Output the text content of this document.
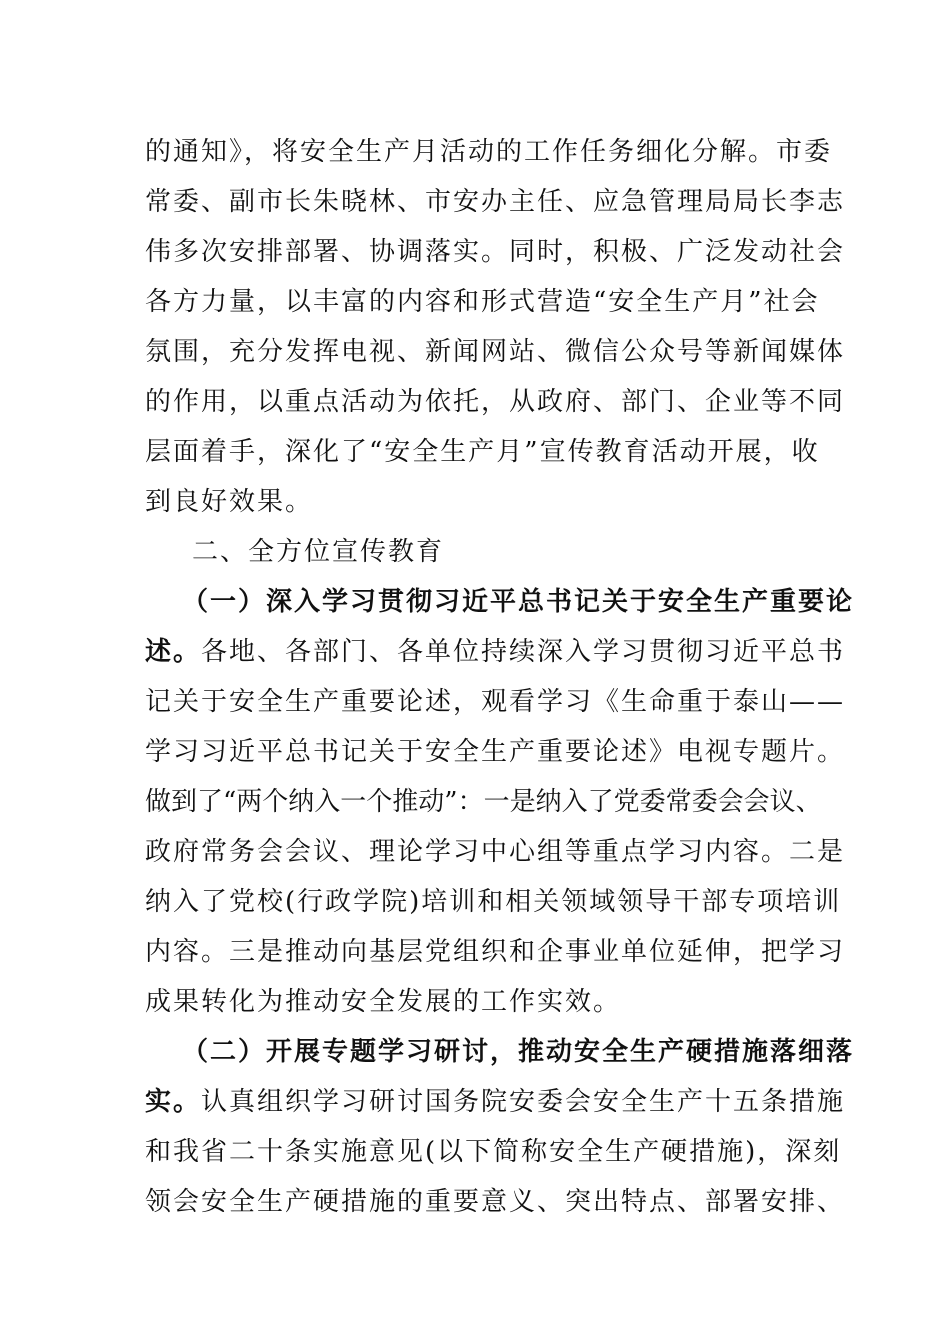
的通知》，将安全生产月活动的工作任务细化分解。市委
常委、副市长朱晓林、市安办主任、应急管理局局长李志
伟多次安排部署、协调落实。同时，积极、广泛发动社会
各方力量，以丰富的内容和形式营造“安全生产月”社会
氛围，充分发挥电视、新闻网站、微信公众号等新闻媒体
的作用，以重点活动为依托，从政府、部门、企业等不同
层面着手，深化了“安全生产月”宣传教育活动开展，收
到良好效果。
二、全方位宣传教育
（一）深入学习贯彻习近平总书记关于安全生产重要论
述。各地、各部门、各单位持续深入学习贯彻习近平总书
记关于安全生产重要论述，观看学习《生命重于泰山——
学习习近平总书记关于安全生产重要论述》电视专题片。
做到了“两个纳入一个推动”：一是纳入了党委常委会会议、
政府常务会会议、理论学习中心组等重点学习内容。二是
纳入了党校(行政学院)培训和相关领域领导干部专项培训
内容。三是推动向基层党组织和企事业单位延伸，把学习
成果转化为推动安全发展的工作实效。
（二）开展专题学习研讨，推动安全生产硬措施落细落
实。认真组织学习研讨国务院安委会安全生产十五条措施
和我省二十条实施意见(以下简称安全生产硬措施)，深刻
领会安全生产硬措施的重要意义、突出特点、部署安排、
